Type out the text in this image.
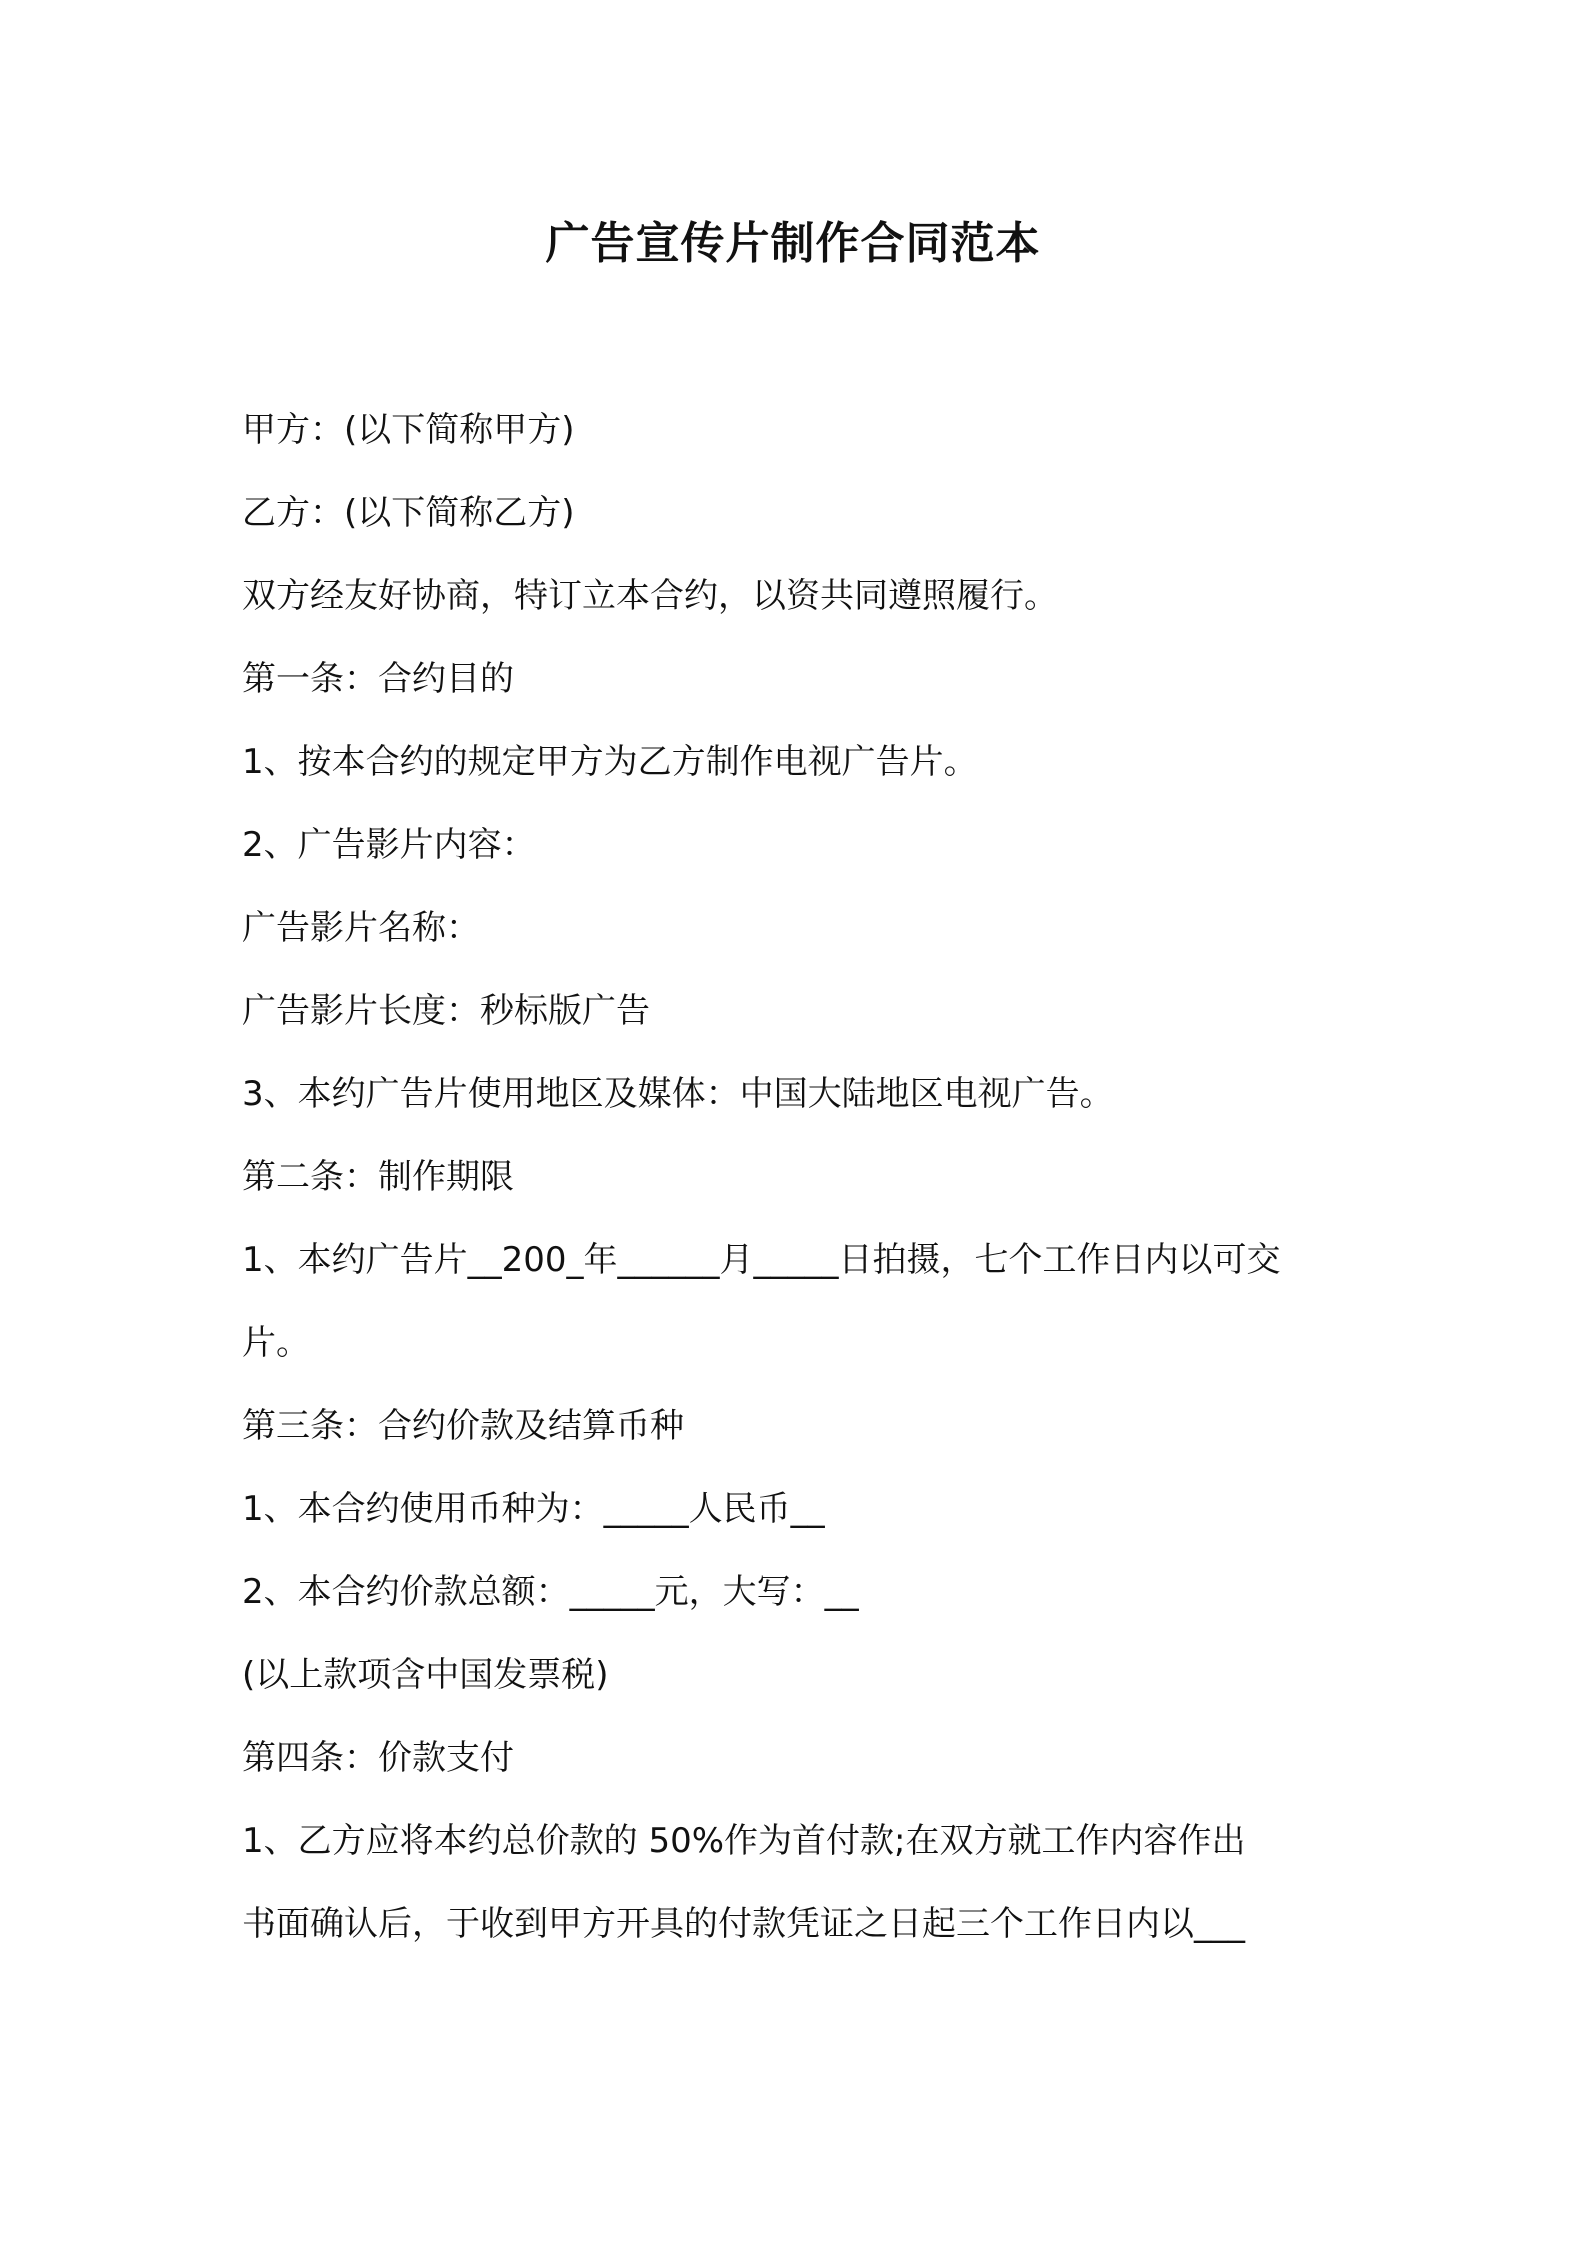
广告宣传片制作合同范本

甲方：(以下简称甲方)

乙方：(以下简称乙方)

双方经友好协商，特订立本合约，以资共同遵照履行。

第一条：合约目的

1、按本合约的规定甲方为乙方制作电视广告片。

2、广告影片内容：

广告影片名称：

广告影片长度：秒标版广告

3、本约广告片使用地区及媒体：中国大陆地区电视广告。

第二条：制作期限

1、本约广告片__200_年______月_____日拍摄，七个工作日内以可交

片。

第三条：合约价款及结算币种

1、本合约使用币种为：_____人民币__

2、本合约价款总额：_____元，大写：__

(以上款项含中国发票税)

第四条：价款支付

1、乙方应将本约总价款的 50%作为首付款;在双方就工作内容作出

书面确认后，于收到甲方开具的付款凭证之日起三个工作日内以___
